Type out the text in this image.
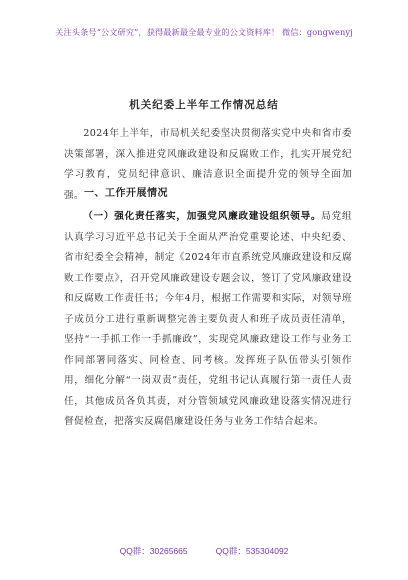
关注头条号“公文研究”，获得最新最全最专业的公文资料库！ 微信：gongwenyj
机关纪委上半年工作情况总结

2024年上半年，市局机关纪委坚决贯彻落实党中央和省市委决策部署，深入推进党风廉政建设和反腐败工作，扎实开展党纪学习教育，党员纪律意识、廉洁意识全面提升党的领导全面加强。 一、工作开展情况

（一）强化责任落实，加强党风廉政建设组织领导。局党组认真学习习近平总书记关于全面从严治党重要论述、中央纪委、省市纪委全会精神，制定《2024年市直系统党风廉政建设和反腐败工作要点》，召开党风廉政建设专题会议，签订了党风廉政建设和反腐败工作责任书；今年4月，根据工作需要和实际，对领导班子成员分工进行重新调整完善主要负责人和班子成员责任清单，坚持“一手抓工作一手抓廉政”，实现党风廉政建设工作与业务工作同部署同落实、同检查、同考核。发挥班子队伍带头引领作用，细化分解“一岗双责”责任，党组书记认真履行第一责任人责任，其他成员各负其责，对分管领域党风廉政建设落实情况进行督促检查，把落实反腐倡廉建设任务与业务工作结合起来。

QQ群：30265665	QQ群：535304092
